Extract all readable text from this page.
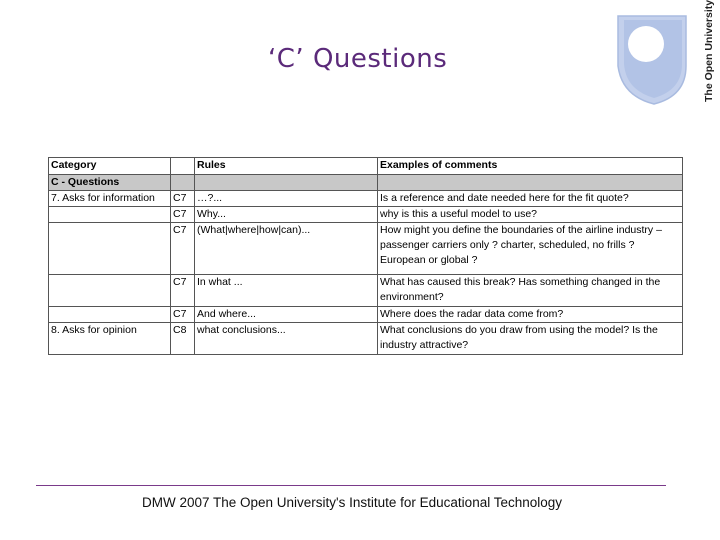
‘C’ Questions	The Open University
Category		Rules	Examples of comments
C - Questions			
7. Asks for information	C7	…?...	Is a reference and date needed here for the fit quote?
	C7	Why...	why is this a useful model to use?
	C7	(What|where|how|can)...	How might you define the boundaries of the airline industry – passenger carriers only ? charter, scheduled, no frills ? European or global ?
	C7	In what ...	What has caused this break? Has something changed in the environment?
	C7	And where...	Where does the radar data come from?
8. Asks for opinion	C8	what conclusions...	What conclusions do you draw from using the model? Is the industry attractive?
DMW 2007 The Open University's Institute for Educational Technology
